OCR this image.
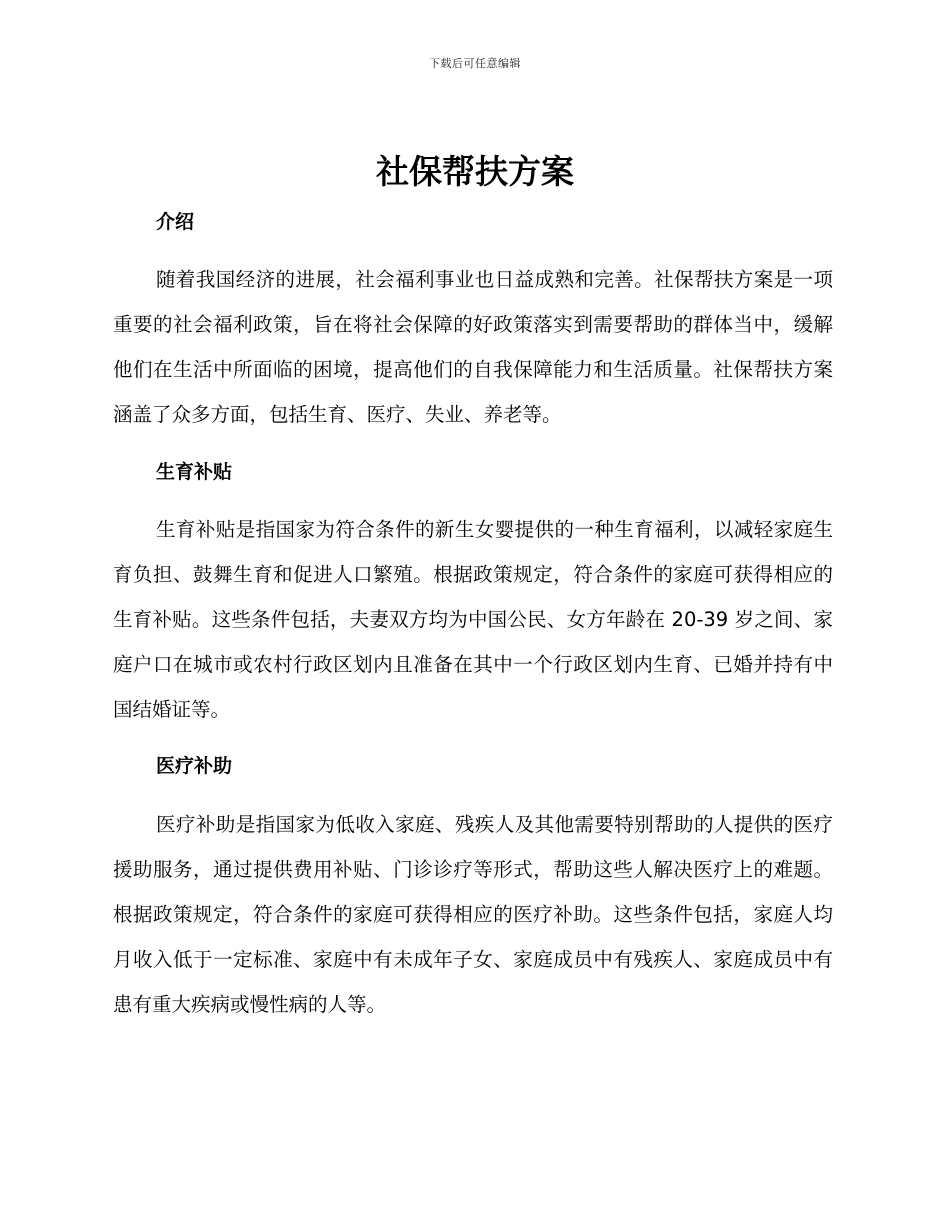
下载后可任意编辑
社保帮扶方案
介绍

随着我国经济的进展，社会福利事业也日益成熟和完善。社保帮扶方案是一项重要的社会福利政策，旨在将社会保障的好政策落实到需要帮助的群体当中，缓解他们在生活中所面临的困境，提高他们的自我保障能力和生活质量。社保帮扶方案涵盖了众多方面，包括生育、医疗、失业、养老等。

生育补贴

生育补贴是指国家为符合条件的新生女婴提供的一种生育福利，以减轻家庭生育负担、鼓舞生育和促进人口繁殖。根据政策规定，符合条件的家庭可获得相应的生育补贴。这些条件包括，夫妻双方均为中国公民、女方年龄在 20-39 岁之间、家庭户口在城市或农村行政区划内且准备在其中一个行政区划内生育、已婚并持有中国结婚证等。

医疗补助

医疗补助是指国家为低收入家庭、残疾人及其他需要特别帮助的人提供的医疗援助服务，通过提供费用补贴、门诊诊疗等形式，帮助这些人解决医疗上的难题。根据政策规定，符合条件的家庭可获得相应的医疗补助。这些条件包括，家庭人均月收入低于一定标准、家庭中有未成年子女、家庭成员中有残疾人、家庭成员中有患有重大疾病或慢性病的人等。
